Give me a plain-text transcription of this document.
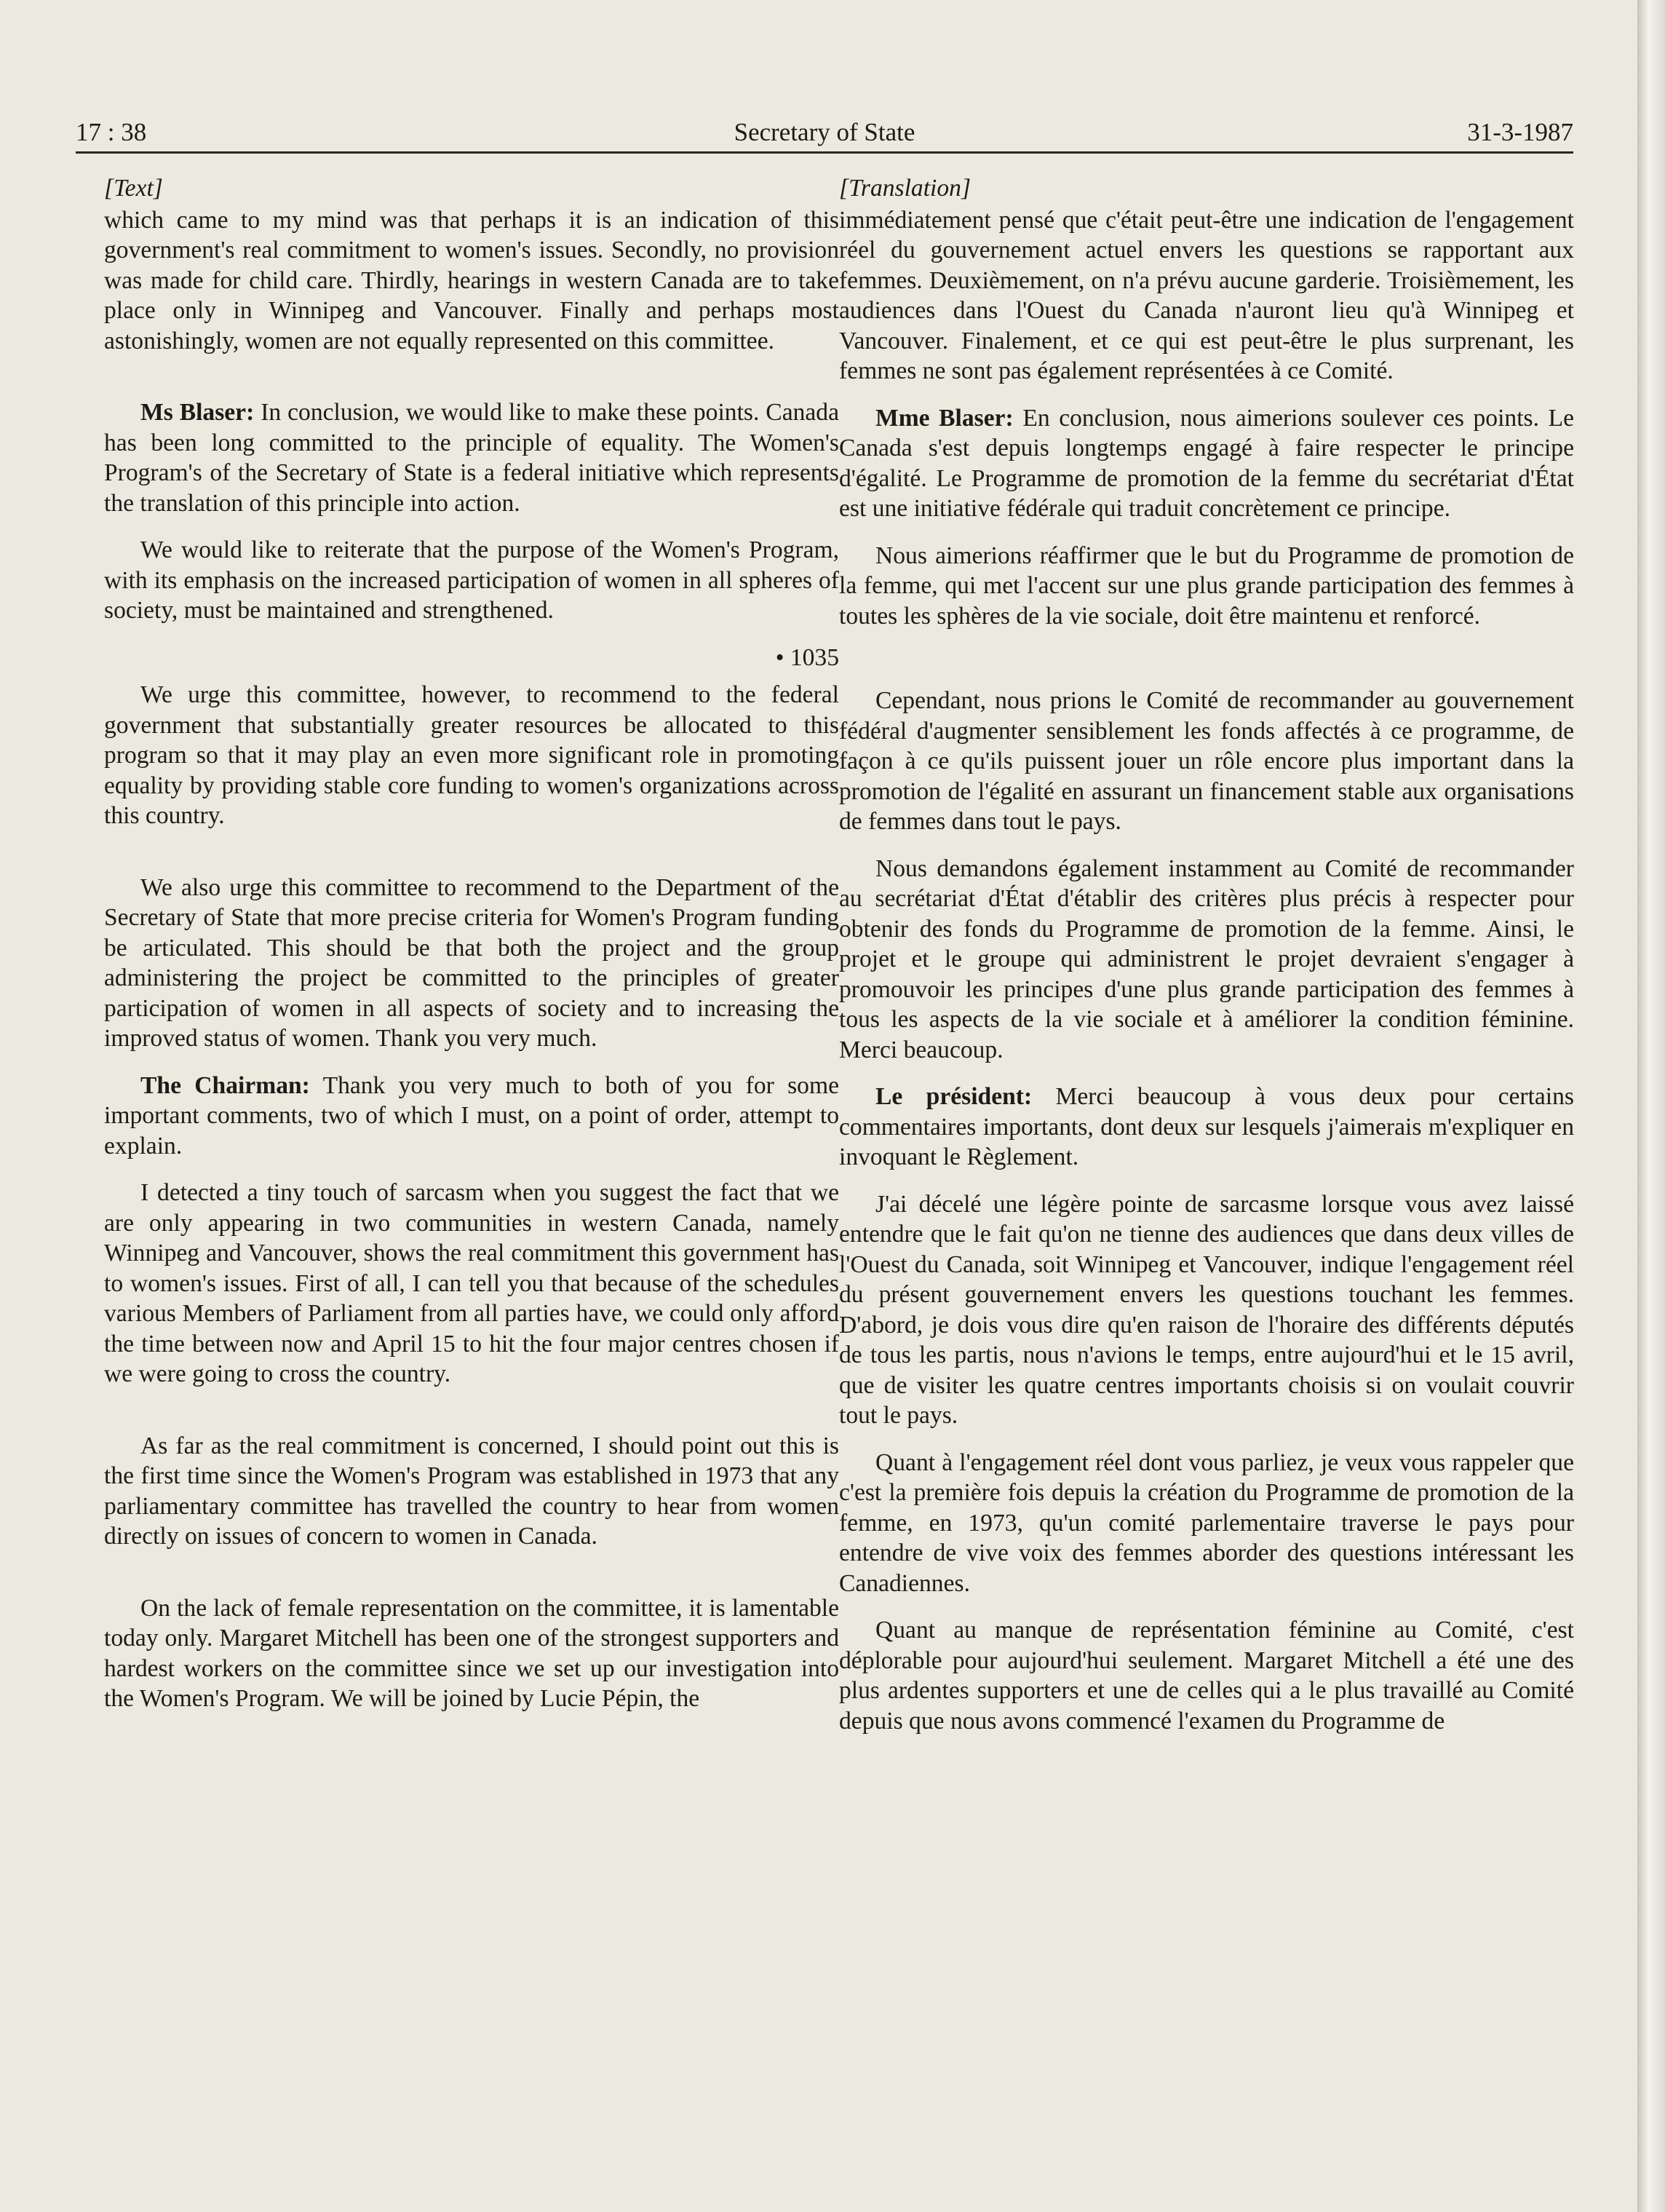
17 : 38	Secretary of State	31-3-1987
[Text]

which came to my mind was that perhaps it is an indication of this government's real commitment to women's issues. Secondly, no provision was made for child care. Thirdly, hearings in western Canada are to take place only in Winnipeg and Vancouver. Finally and perhaps most astonishingly, women are not equally represented on this committee.

Ms Blaser: In conclusion, we would like to make these points. Canada has been long committed to the principle of equality. The Women's Program's of the Secretary of State is a federal initiative which represents the translation of this principle into action.

We would like to reiterate that the purpose of the Women's Program, with its emphasis on the increased participation of women in all spheres of society, must be maintained and strengthened.

• 1035

We urge this committee, however, to recommend to the federal government that substantially greater resources be allocated to this program so that it may play an even more significant role in promoting equality by providing stable core funding to women's organizations across this country.

We also urge this committee to recommend to the Department of the Secretary of State that more precise criteria for Women's Program funding be articulated. This should be that both the project and the group administering the project be committed to the principles of greater participation of women in all aspects of society and to increasing the improved status of women. Thank you very much.

The Chairman: Thank you very much to both of you for some important comments, two of which I must, on a point of order, attempt to explain.

I detected a tiny touch of sarcasm when you suggest the fact that we are only appearing in two communities in western Canada, namely Winnipeg and Vancouver, shows the real commitment this government has to women's issues. First of all, I can tell you that because of the schedules various Members of Parliament from all parties have, we could only afford the time between now and April 15 to hit the four major centres chosen if we were going to cross the country.

As far as the real commitment is concerned, I should point out this is the first time since the Women's Program was established in 1973 that any parliamentary committee has travelled the country to hear from women directly on issues of concern to women in Canada.

On the lack of female representation on the committee, it is lamentable today only. Margaret Mitchell has been one of the strongest supporters and hardest workers on the committee since we set up our investigation into the Women's Program. We will be joined by Lucie Pépin, the

[Translation]

immédiatement pensé que c'était peut-être une indication de l'engagement réel du gouvernement actuel envers les questions se rapportant aux femmes. Deuxièmement, on n'a prévu aucune garderie. Troisièmement, les audiences dans l'Ouest du Canada n'auront lieu qu'à Winnipeg et Vancouver. Finalement, et ce qui est peut-être le plus surprenant, les femmes ne sont pas également représentées à ce Comité.

Mme Blaser: En conclusion, nous aimerions soulever ces points. Le Canada s'est depuis longtemps engagé à faire respecter le principe d'égalité. Le Programme de promotion de la femme du secrétariat d'État est une initiative fédérale qui traduit concrètement ce principe.

Nous aimerions réaffirmer que le but du Programme de promotion de la femme, qui met l'accent sur une plus grande participation des femmes à toutes les sphères de la vie sociale, doit être maintenu et renforcé.

Cependant, nous prions le Comité de recommander au gouvernement fédéral d'augmenter sensiblement les fonds affectés à ce programme, de façon à ce qu'ils puissent jouer un rôle encore plus important dans la promotion de l'égalité en assurant un financement stable aux organisations de femmes dans tout le pays.

Nous demandons également instamment au Comité de recommander au secrétariat d'État d'établir des critères plus précis à respecter pour obtenir des fonds du Programme de promotion de la femme. Ainsi, le projet et le groupe qui administrent le projet devraient s'engager à promouvoir les principes d'une plus grande participation des femmes à tous les aspects de la vie sociale et à améliorer la condition féminine. Merci beaucoup.

Le président: Merci beaucoup à vous deux pour certains commentaires importants, dont deux sur lesquels j'aimerais m'expliquer en invoquant le Règlement.

J'ai décelé une légère pointe de sarcasme lorsque vous avez laissé entendre que le fait qu'on ne tienne des audiences que dans deux villes de l'Ouest du Canada, soit Winnipeg et Vancouver, indique l'engagement réel du présent gouvernement envers les questions touchant les femmes. D'abord, je dois vous dire qu'en raison de l'horaire des différents députés de tous les partis, nous n'avions le temps, entre aujourd'hui et le 15 avril, que de visiter les quatre centres importants choisis si on voulait couvrir tout le pays.

Quant à l'engagement réel dont vous parliez, je veux vous rappeler que c'est la première fois depuis la création du Programme de promotion de la femme, en 1973, qu'un comité parlementaire traverse le pays pour entendre de vive voix des femmes aborder des questions intéressant les Canadiennes.

Quant au manque de représentation féminine au Comité, c'est déplorable pour aujourd'hui seulement. Margaret Mitchell a été une des plus ardentes supporters et une de celles qui a le plus travaillé au Comité depuis que nous avons commencé l'examen du Programme de
